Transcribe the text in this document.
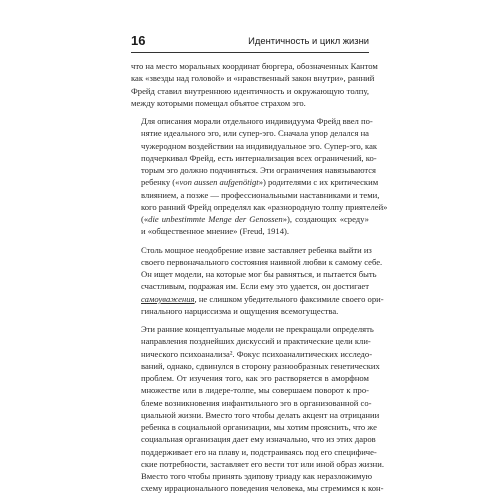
16	Идентичность и цикл жизни
что на место моральных координат бюргера, обозначенных Кантом
как «звезды над головой» и «нравственный закон внутри», ранний
Фрейд ставил внутреннюю идентичность и окружающую толпу,
между которыми помещал объятое страхом эго.
Для описания морали отдельного индивидуума Фрейд ввел по-
нятие идеального эго, или супер-эго. Сначала упор делался на
чужеродном воздействии на индивидуальное эго. Супер-эго, как
подчеркивал Фрейд, есть интернализация всех ограничений, ко-
торым эго должно подчиняться. Эти ограничения навязываются
ребенку («von aussen aufgenötigt») родителями с их критическим
влиянием, а позже — профессиональными наставниками и теми,
кого ранний Фрейд определял как «разнородную толпу приятелей»
(«die unbestimmte Menge der Genossen»), создающих «среду»
и «общественное мнение» (Freud, 1914).
Столь мощное неодобрение извне заставляет ребенка выйти из
своего первоначального состояния наивной любви к самому себе.
Он ищет модели, на которые мог бы равняться, и пытается быть
счастливым, подражая им. Если ему это удается, он достигает
самоуважения, не слишком убедительного факсимиле своего ори-
гинального нарциссизма и ощущения всемогущества.
Эти ранние концептуальные модели не прекращали определять
направления позднейших дискуссий и практические цели кли-
нического психоанализа². Фокус психоаналитических исследо-
ваний, однако, сдвинулся в сторону разнообразных генетических
проблем. От изучения того, как эго растворяется в аморфном
множестве или в лидере-толпе, мы совершаем поворот к про-
блеме возникновения инфантильного эго в организованной со-
циальной жизни. Вместо того чтобы делать акцент на отрицании
ребенка в социальной организации, мы хотим прояснить, что же
социальная организация дает ему изначально, что из этих даров
поддерживает его на плаву и, подстраиваясь под его специфиче-
ские потребности, заставляет его вести тот или иной образ жизни.
Вместо того чтобы принять эдипову триаду как неразложимую
схему иррационального поведения человека, мы стремимся к кон-
